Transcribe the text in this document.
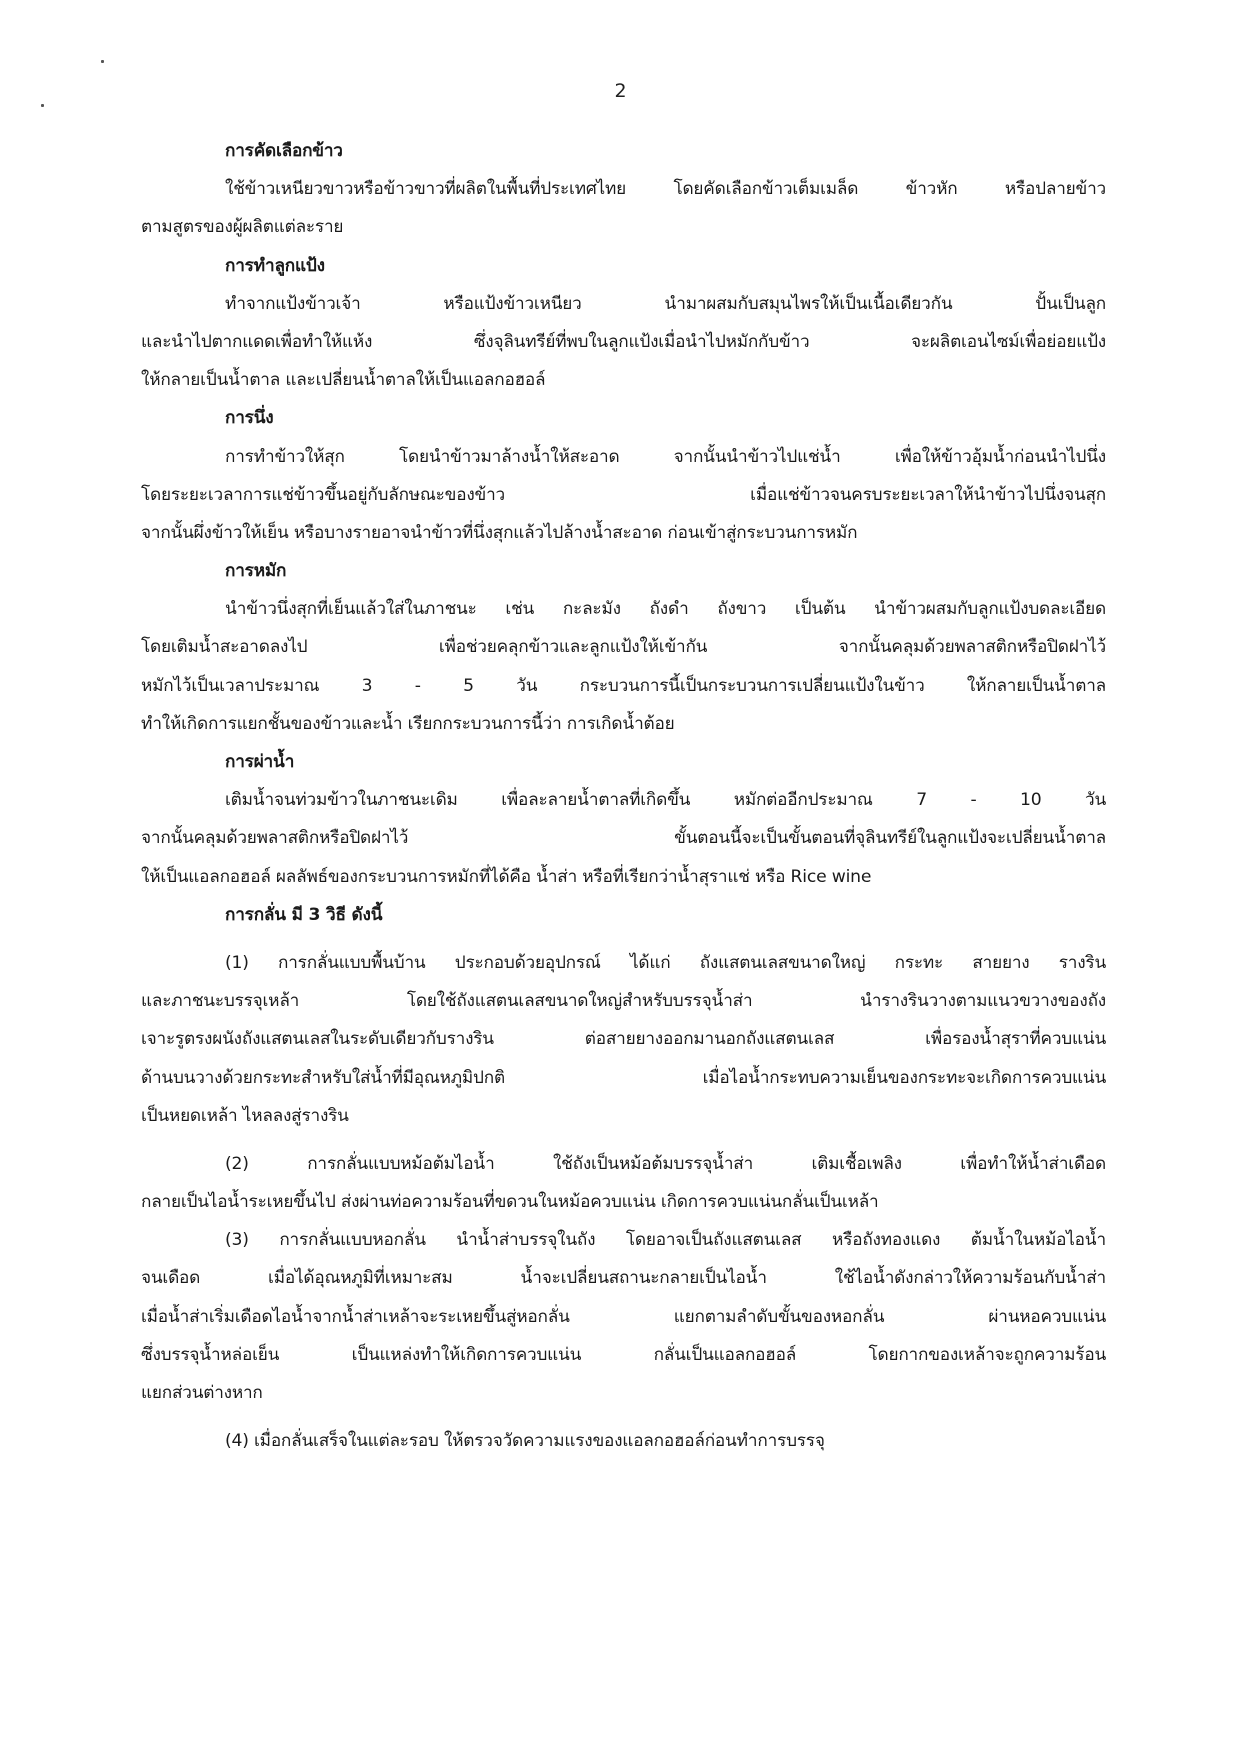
2
การคัดเลือกข้าว
ใช้ข้าวเหนียวขาวหรือข้าวขาวที่ผลิตในพื้นที่ประเทศไทย โดยคัดเลือกข้าวเต็มเมล็ด ข้าวหัก หรือปลายข้าว
ตามสูตรของผู้ผลิตแต่ละราย
การทำลูกแป้ง
ทำจากแป้งข้าวเจ้า หรือแป้งข้าวเหนียว นำมาผสมกับสมุนไพรให้เป็นเนื้อเดียวกัน ปั้นเป็นลูก
และนำไปตากแดดเพื่อทำให้แห้ง ซึ่งจุลินทรีย์ที่พบในลูกแป้งเมื่อนำไปหมักกับข้าว จะผลิตเอนไซม์เพื่อย่อยแป้ง
ให้กลายเป็นน้ำตาล และเปลี่ยนน้ำตาลให้เป็นแอลกอฮอล์
การนึ่ง
การทำข้าวให้สุก โดยนำข้าวมาล้างน้ำให้สะอาด จากนั้นนำข้าวไปแช่น้ำ เพื่อให้ข้าวอุ้มน้ำก่อนนำไปนึ่ง
โดยระยะเวลาการแช่ข้าวขึ้นอยู่กับลักษณะของข้าว เมื่อแช่ข้าวจนครบระยะเวลาให้นำข้าวไปนึ่งจนสุก
จากนั้นผึ่งข้าวให้เย็น หรือบางรายอาจนำข้าวที่นึ่งสุกแล้วไปล้างน้ำสะอาด ก่อนเข้าสู่กระบวนการหมัก
การหมัก
นำข้าวนึ่งสุกที่เย็นแล้วใส่ในภาชนะ เช่น กะละมัง ถังดำ ถังขาว เป็นต้น นำข้าวผสมกับลูกแป้งบดละเอียด
โดยเติมน้ำสะอาดลงไป เพื่อช่วยคลุกข้าวและลูกแป้งให้เข้ากัน จากนั้นคลุมด้วยพลาสติกหรือปิดฝาไว้
หมักไว้เป็นเวลาประมาณ 3 - 5 วัน กระบวนการนี้เป็นกระบวนการเปลี่ยนแป้งในข้าว ให้กลายเป็นน้ำตาล
ทำให้เกิดการแยกชั้นของข้าวและน้ำ เรียกกระบวนการนี้ว่า การเกิดน้ำต้อย
การผ่าน้ำ
เติมน้ำจนท่วมข้าวในภาชนะเดิม เพื่อละลายน้ำตาลที่เกิดขึ้น หมักต่ออีกประมาณ 7 - 10 วัน
จากนั้นคลุมด้วยพลาสติกหรือปิดฝาไว้ ขั้นตอนนี้จะเป็นขั้นตอนที่จุลินทรีย์ในลูกแป้งจะเปลี่ยนน้ำตาล
ให้เป็นแอลกอฮอล์ ผลลัพธ์ของกระบวนการหมักที่ได้คือ น้ำส่า หรือที่เรียกว่าน้ำสุราแช่ หรือ Rice wine
การกลั่น มี 3 วิธี ดังนี้
(1) การกลั่นแบบพื้นบ้าน ประกอบด้วยอุปกรณ์ ได้แก่ ถังแสตนเลสขนาดใหญ่ กระทะ สายยาง รางริน
และภาชนะบรรจุเหล้า โดยใช้ถังแสตนเลสขนาดใหญ่สำหรับบรรจุน้ำส่า นำรางรินวางตามแนวขวางของถัง
เจาะรูตรงผนังถังแสตนเลสในระดับเดียวกับรางริน ต่อสายยางออกมานอกถังแสตนเลส เพื่อรองน้ำสุราที่ควบแน่น
ด้านบนวางด้วยกระทะสำหรับใส่น้ำที่มีอุณหภูมิปกติ เมื่อไอน้ำกระทบความเย็นของกระทะจะเกิดการควบแน่น
เป็นหยดเหล้า ไหลลงสู่รางริน
(2) การกลั่นแบบหม้อต้มไอน้ำ ใช้ถังเป็นหม้อต้มบรรจุน้ำส่า เติมเชื้อเพลิง เพื่อทำให้น้ำส่าเดือด
กลายเป็นไอน้ำระเหยขึ้นไป ส่งผ่านท่อความร้อนที่ขดวนในหม้อควบแน่น เกิดการควบแน่นกลั่นเป็นเหล้า
(3) การกลั่นแบบหอกลั่น นำน้ำส่าบรรจุในถัง โดยอาจเป็นถังแสตนเลส หรือถังทองแดง ต้มน้ำในหม้อไอน้ำ
จนเดือด เมื่อได้อุณหภูมิที่เหมาะสม น้ำจะเปลี่ยนสถานะกลายเป็นไอน้ำ ใช้ไอน้ำดังกล่าวให้ความร้อนกับน้ำส่า
เมื่อน้ำส่าเริ่มเดือดไอน้ำจากน้ำส่าเหล้าจะระเหยขึ้นสู่หอกลั่น แยกตามลำดับขั้นของหอกลั่น ผ่านหอควบแน่น
ซึ่งบรรจุน้ำหล่อเย็น เป็นแหล่งทำให้เกิดการควบแน่น กลั่นเป็นแอลกอฮอล์ โดยกากของเหล้าจะถูกความร้อน
แยกส่วนต่างหาก
(4) เมื่อกลั่นเสร็จในแต่ละรอบ ให้ตรวจวัดความแรงของแอลกอฮอล์ก่อนทำการบรรจุ
